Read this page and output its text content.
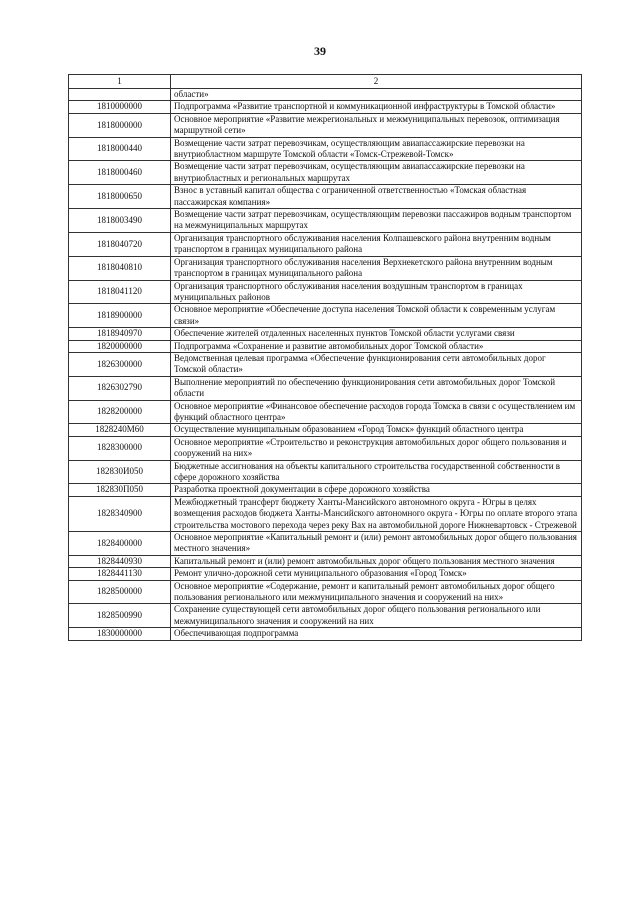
39
1	2
	области»
1810000000	Подпрограмма «Развитие транспортной и коммуникационной инфраструктуры в Томской области»
1818000000	Основное мероприятие «Развитие межрегиональных и межмуниципальных перевозок, оптимизация маршрутной сети»
1818000440	Возмещение части затрат перевозчикам, осуществляющим авиапассажирские перевозки на внутриобластном маршруте Томской области «Томск-Стрежевой-Томск»
1818000460	Возмещение части затрат перевозчикам, осуществляющим авиапассажирские перевозки на внутриобластных и региональных маршрутах
1818000650	Взнос в уставный капитал общества с ограниченной ответственностью «Томская областная пассажирская компания»
1818003490	Возмещение части затрат перевозчикам, осуществляющим перевозки пассажиров водным транспортом на межмуниципальных маршрутах
1818040720	Организация транспортного обслуживания населения Колпашевского района внутренним водным транспортом в границах муниципального района
1818040810	Организация транспортного обслуживания населения Верхнекетского района внутренним водным транспортом в границах муниципального района
1818041120	Организация транспортного обслуживания населения воздушным транспортом в границах муниципальных районов
1818900000	Основное мероприятие «Обеспечение доступа населения Томской области к современным услугам связи»
1818940970	Обеспечение жителей отдаленных населенных пунктов Томской области услугами связи
1820000000	Подпрограмма «Сохранение и развитие автомобильных дорог Томской области»
1826300000	Ведомственная целевая программа «Обеспечение функционирования сети автомобильных дорог Томской области»
1826302790	Выполнение мероприятий по обеспечению функционирования сети автомобильных дорог Томской области
1828200000	Основное мероприятие «Финансовое обеспечение расходов города Томска в связи с осуществлением им функций областного центра»
1828240М60	Осуществление муниципальным образованием «Город Томск» функций областного центра
1828300000	Основное мероприятие «Строительство и реконструкция автомобильных дорог общего пользования и сооружений на них»
182830И050	Бюджетные ассигнования на объекты капитального строительства государственной собственности в сфере дорожного хозяйства
182830П050	Разработка проектной документации в сфере дорожного хозяйства
1828340900	Межбюджетный трансферт бюджету Ханты-Мансийского автономного округа - Югры в целях возмещения расходов бюджета Ханты-Мансийского автономного округа - Югры по оплате второго этапа строительства мостового перехода через реку Вах на автомобильной дороге Нижневартовск - Стрежевой
1828400000	Основное мероприятие «Капитальный ремонт и (или) ремонт автомобильных дорог общего пользования местного значения»
1828440930	Капитальный ремонт и (или) ремонт автомобильных дорог общего пользования местного значения
1828441130	Ремонт улично-дорожной сети муниципального образования «Город Томск»
1828500000	Основное мероприятие «Содержание, ремонт и капитальный ремонт автомобильных дорог общего пользования регионального или межмуниципального значения и сооружений на них»
1828500990	Сохранение существующей сети автомобильных дорог общего пользования регионального или межмуниципального значения и сооружений на них
1830000000	Обеспечивающая подпрограмма
